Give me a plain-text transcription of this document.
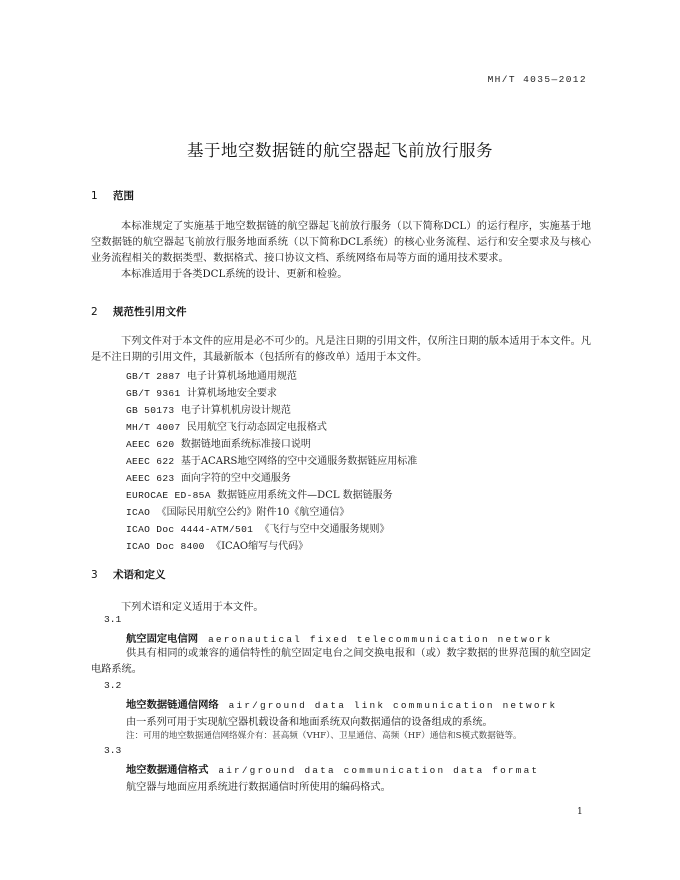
MH/T 4035—2012
基于地空数据链的航空器起飞前放行服务
1 范围

本标准规定了实施基于地空数据链的航空器起飞前放行服务（以下简称DCL）的运行程序，实施基于地空数据链的航空器起飞前放行服务地面系统（以下简称DCL系统）的核心业务流程、运行和安全要求及与核心业务流程相关的数据类型、数据格式、接口协议文档、系统网络布局等方面的通用技术要求。

本标准适用于各类DCL系统的设计、更新和检验。

2 规范性引用文件

下列文件对于本文件的应用是必不可少的。凡是注日期的引用文件，仅所注日期的版本适用于本文件。凡是不注日期的引用文件，其最新版本（包括所有的修改单）适用于本文件。

GB/T 2887 电子计算机场地通用规范
GB/T 9361 计算机场地安全要求
GB 50173 电子计算机机房设计规范
MH/T 4007 民用航空飞行动态固定电报格式
AEEC 620 数据链地面系统标准接口说明
AEEC 622 基于ACARS地空网络的空中交通服务数据链应用标准
AEEC 623 面向字符的空中交通服务
EUROCAE ED-85A 数据链应用系统文件—DCL 数据链服务
ICAO 《国际民用航空公约》附件10《航空通信》
ICAO Doc 4444-ATM/501 《飞行与空中交通服务规则》
ICAO Doc 8400 《ICAO缩写与代码》
3 术语和定义
下列术语和定义适用于本文件。
3.1
航空固定电信网 aeronautical fixed telecommunication network

供具有相同的或兼容的通信特性的航空固定电台之间交换电报和（或）数字数据的世界范围的航空固定电路系统。

3.2
地空数据链通信网络 air/ground data link communication network
由一系列可用于实现航空器机载设备和地面系统双向数据通信的设备组成的系统。
注：可用的地空数据通信网络媒介有：甚高频（VHF）、卫星通信、高频（HF）通信和S模式数据链等。
3.3
地空数据通信格式 air/ground data communication data format
航空器与地面应用系统进行数据通信时所使用的编码格式。
1
